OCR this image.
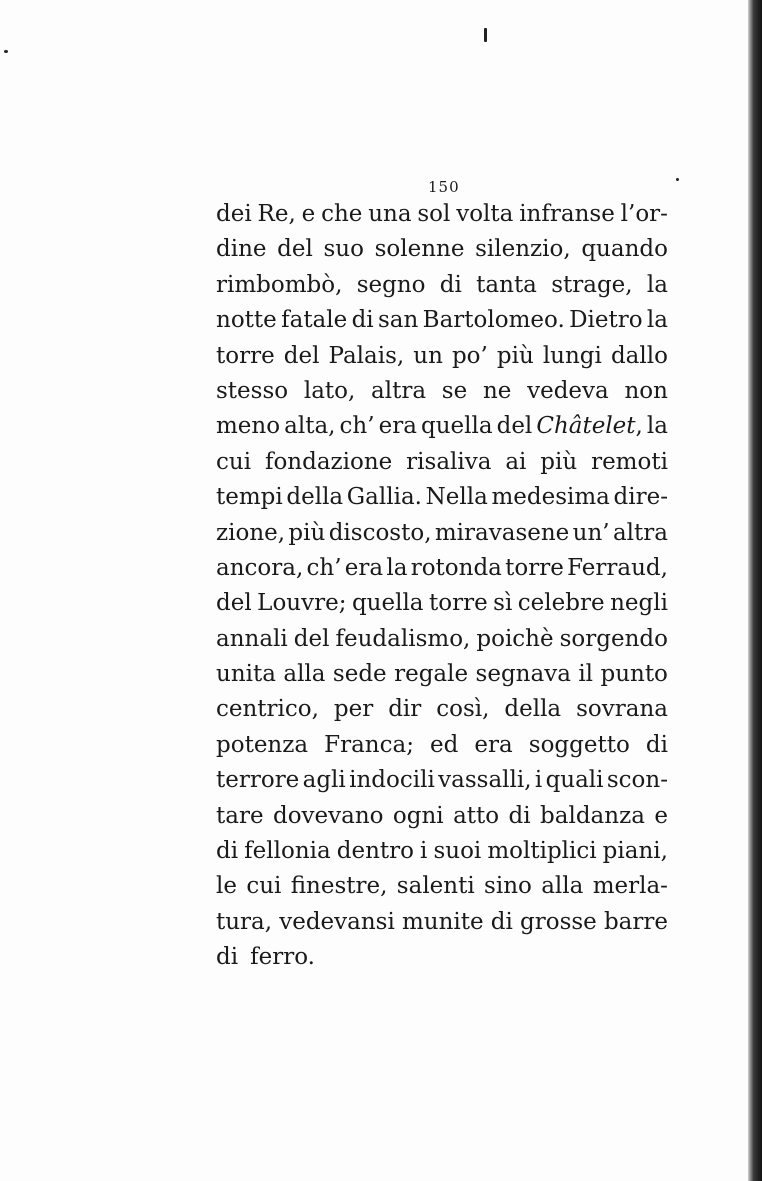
150
dei Re, e che una sol volta infranse l’or-
dine del suo solenne silenzio, quando
rimbombò, segno di tanta strage, la
notte fatale di san Bartolomeo. Dietro la
torre del Palais, un po’ più lungi dallo
stesso lato, altra se ne vedeva non
meno alta, ch’ era quella del Châtelet, la
cui fondazione risaliva ai più remoti
tempi della Gallia. Nella medesima dire-
zione, più discosto, miravasene un’ altra
ancora, ch’ era la rotonda torre Ferraud,
del Louvre; quella torre sì celebre negli
annali del feudalismo, poichè sorgendo
unita alla sede regale segnava il punto
centrico, per dir così, della sovrana
potenza Franca; ed era soggetto di
terrore agli indocili vassalli, i quali scon-
tare dovevano ogni atto di baldanza e
di fellonia dentro i suoi moltiplici piani,
le cui finestre, salenti sino alla merla-
tura, vedevansi munite di grosse barre
di ferro.
